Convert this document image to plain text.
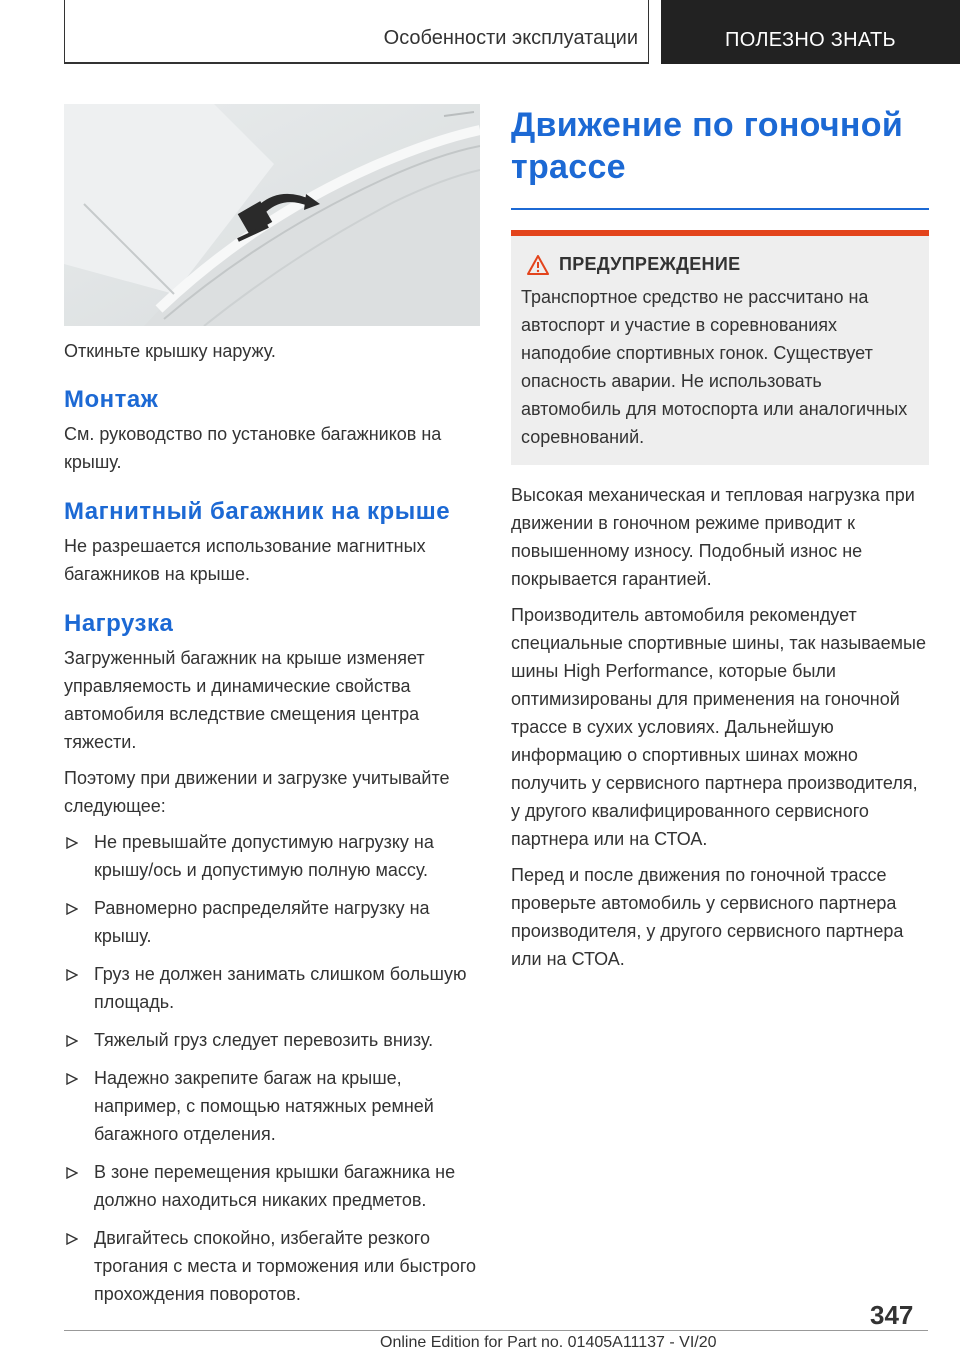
Особенности эксплуатации	ПОЛЕЗНО ЗНАТЬ

Откиньте крышку наружу.

Монтаж

См. руководство по установке багажников на крышу.

Магнитный багажник на крыше

Не разрешается использование магнитных багажников на крыше.

Нагрузка

Загруженный багажник на крыше изменяет управляемость и динамические свойства автомобиля вследствие смещения центра тяжести.

Поэтому при движении и загрузке учитывайте следующее:

Не превышайте допустимую нагрузку на крышу/ось и допустимую полную массу.
Равномерно распределяйте нагрузку на крышу.
Груз не должен занимать слишком большую площадь.
Тяжелый груз следует перевозить внизу.
Надежно закрепите багаж на крыше, например, с помощью натяжных ремней багажного отделения.
В зоне перемещения крышки багажника не должно находиться никаких предметов.
Двигайтесь спокойно, избегайте резкого трогания с места и торможения или быстрого прохождения поворотов.
Движение по гоночной трассе
ПРЕДУПРЕЖДЕНИЕ

Транспортное средство не рассчитано на автоспорт и участие в соревнованиях наподобие спортивных гонок. Существует опасность аварии. Не использовать автомобиль для мотоспорта или аналогичных соревнований.

Высокая механическая и тепловая нагрузка при движении в гоночном режиме приводит к повышенному износу. Подобный износ не покрывается гарантией.

Производитель автомобиля рекомендует специальные спортивные шины, так называемые шины High Performance, которые были оптимизированы для применения на гоночной трассе в сухих условиях. Дальнейшую информацию о спортивных шинах можно получить у сервисного партнера производителя, у другого квалифицированного сервисного партнера или на СТОА.

Перед и после движения по гоночной трассе проверьте автомобиль у сервисного партнера производителя, у другого сервисного партнера или на СТОА.

347
Online Edition for Part no. 01405A11137 - VI/20
